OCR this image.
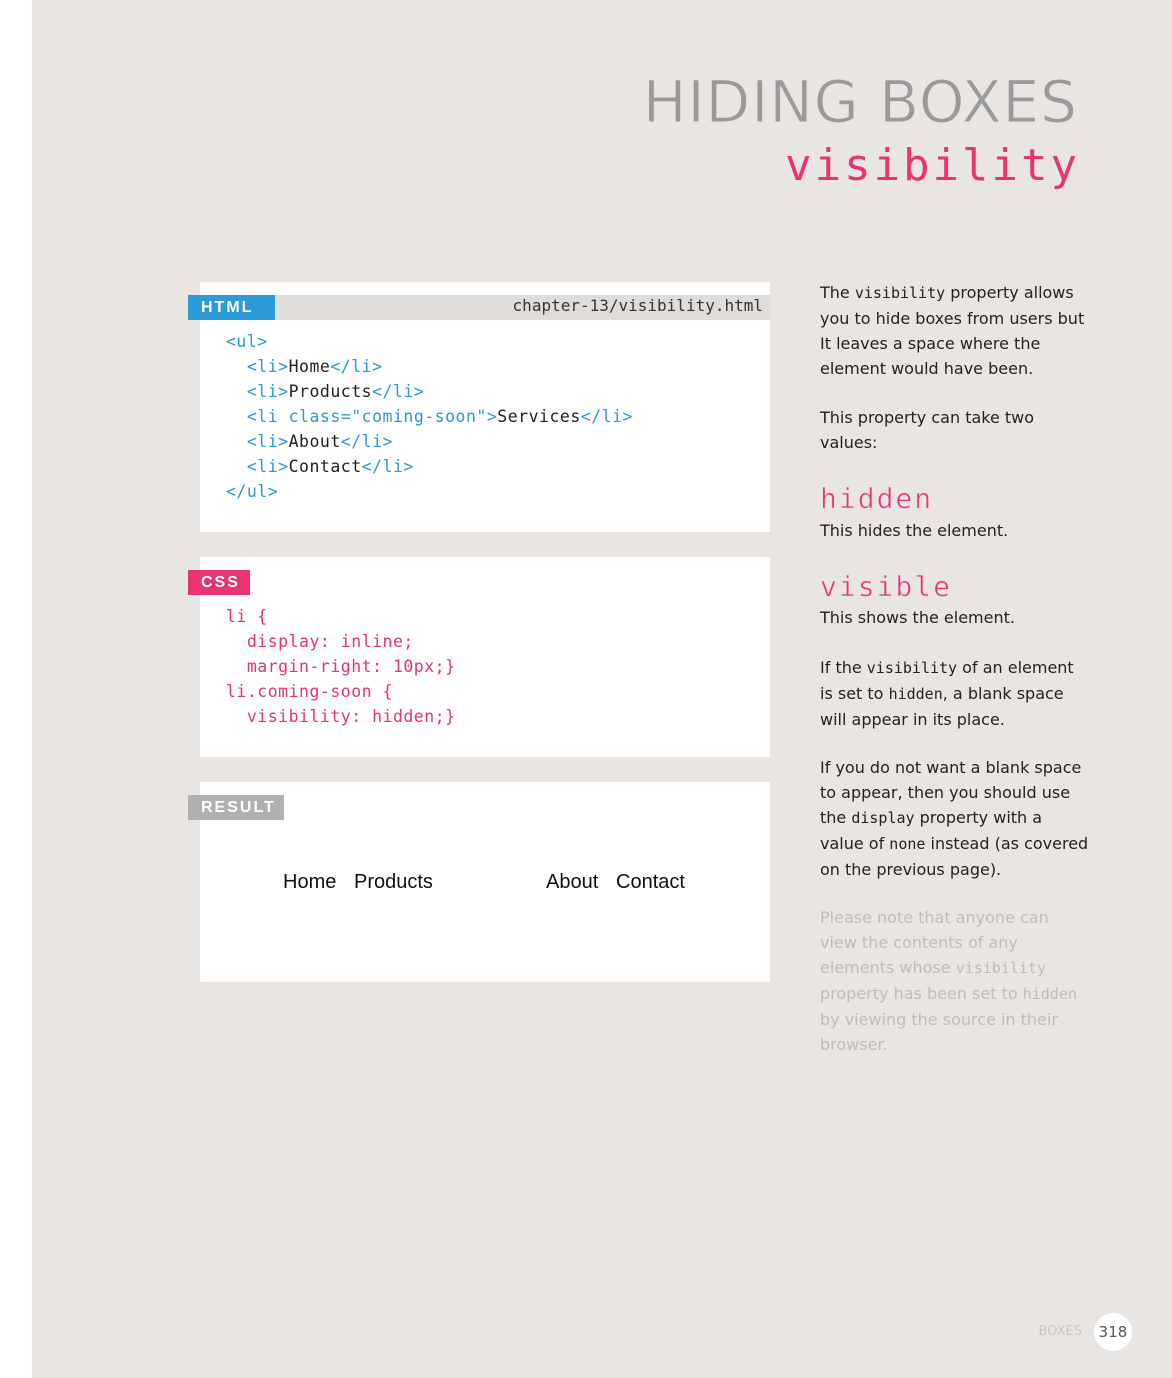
HIDING BOXES
visibility
HTML	chapter-13/visibility.html
<ul>
<li>Home</li>
<li>Products</li>
<li class="coming-soon">Services</li>
<li>About</li>
<li>Contact</li>
</ul>
CSS
li {
display: inline;
margin-right: 10px;}
li.coming-soon {
visibility: hidden;}
RESULT
Home Products	About Contact

The visibility property allows you to hide boxes from users but It leaves a space where the element would have been.

This property can take two values:

hidden
This hides the element.
visible
This shows the element.

If the visibility of an element is set to hidden, a blank space will appear in its place.

If you do not want a blank space to appear, then you should use the display property with a value of none instead (as covered on the previous page).

Please note that anyone can view the contents of any elements whose visibility property has been set to hidden by viewing the source in their browser.

BOXES	318
